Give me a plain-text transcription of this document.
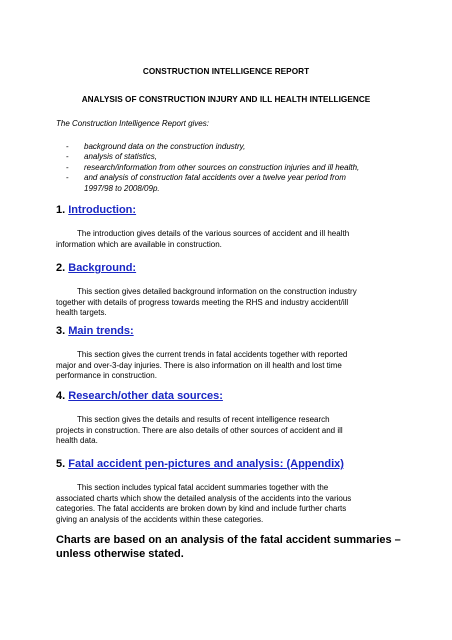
CONSTRUCTION INTELLIGENCE REPORT
ANALYSIS OF CONSTRUCTION INJURY AND ILL HEALTH INTELLIGENCE
The Construction Intelligence Report gives:
- background data on the construction industry,
- analysis of statistics,
- research/information from other sources on construction injuries and ill health,
- and analysis of construction fatal accidents over a twelve year period from
1997/98 to 2008/09p.
1. Introduction:

The introduction gives details of the various sources of accident and ill health
information which are available in construction.

2. Background:

This section gives detailed background information on the construction industry
together with details of progress towards meeting the RHS and industry accident/ill
health targets.

3. Main trends:

This section gives the current trends in fatal accidents together with reported
major and over-3-day injuries. There is also information on ill health and lost time
performance in construction.

4. Research/other data sources:

This section gives the details and results of recent intelligence research
projects in construction. There are also details of other sources of accident and ill
health data.

5. Fatal accident pen-pictures and analysis: (Appendix)

This section includes typical fatal accident summaries together with the
associated charts which show the detailed analysis of the accidents into the various
categories. The fatal accidents are broken down by kind and include further charts
giving an analysis of the accidents within these categories.

Charts are based on an analysis of the fatal accident summaries –
unless otherwise stated.
